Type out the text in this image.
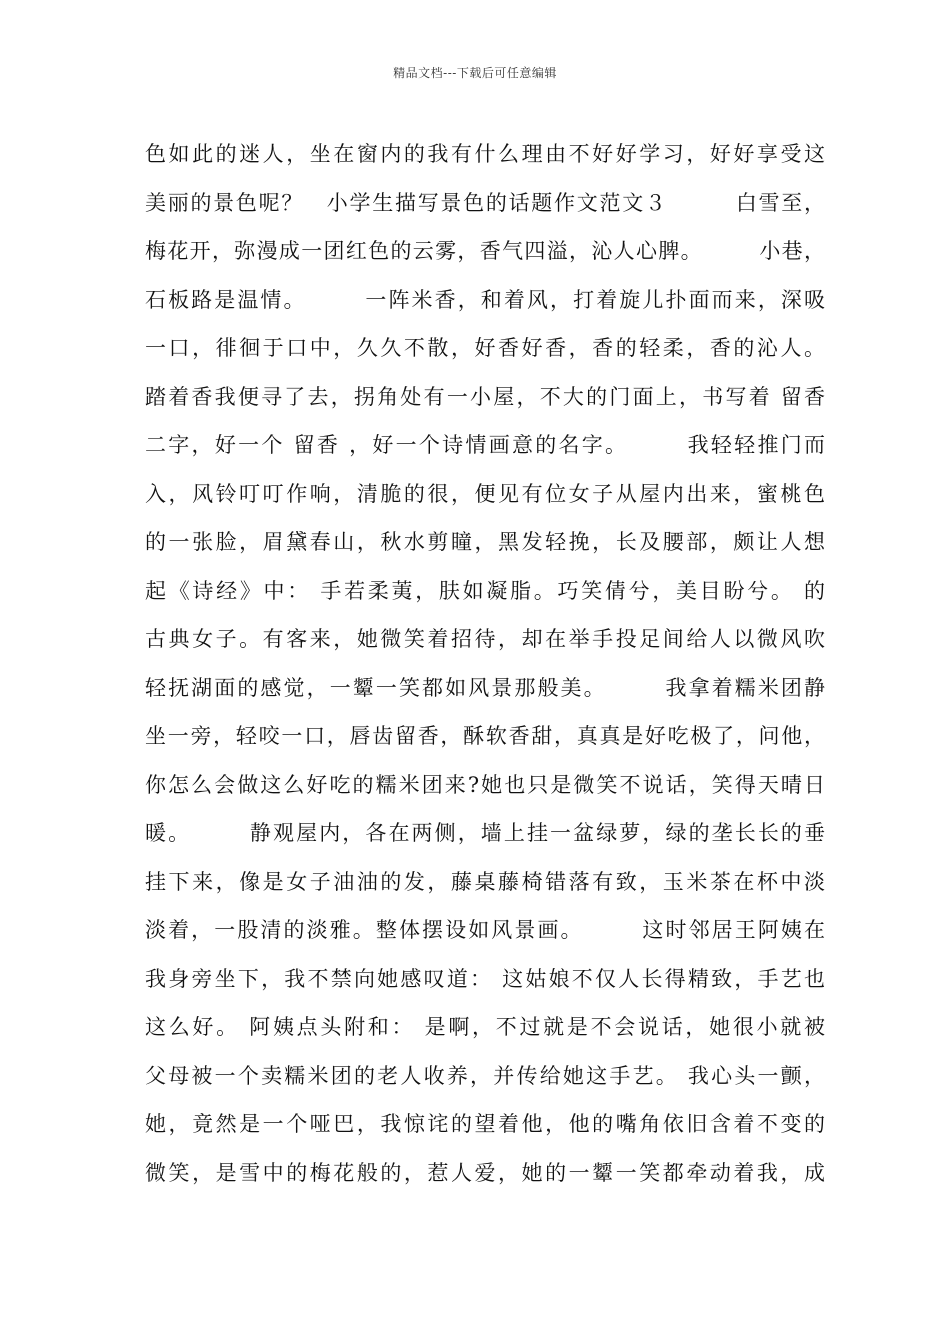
精品文档---下载后可任意编辑
色如此的迷人，坐在窗内的我有什么理由不好好学习，好好享受这
美丽的景色呢？　小学生描写景色的话题作文范文３　　　白雪至，
梅花开，弥漫成一团红色的云雾，香气四溢，沁人心脾。　　　小巷，
石板路是温情。　　　一阵米香，和着风，打着旋儿扑面而来，深吸
一口，徘徊于口中，久久不散，好香好香，香的轻柔，香的沁人。
踏着香我便寻了去，拐角处有一小屋，不大的门面上，书写着 留香
二字，好一个 留香 ，好一个诗情画意的名字。　　　我轻轻推门而
入，风铃叮叮作响，清脆的很，便见有位女子从屋内出来，蜜桃色
的一张脸，眉黛春山，秋水剪瞳，黑发轻挽，长及腰部，颇让人想
起《诗经》中： 手若柔荑，肤如凝脂。巧笑倩兮，美目盼兮。 的
古典女子。有客来，她微笑着招待，却在举手投足间给人以微风吹
轻抚湖面的感觉，一颦一笑都如风景那般美。　　　我拿着糯米团静
坐一旁，轻咬一口，唇齿留香，酥软香甜，真真是好吃极了，问他，
你怎么会做这么好吃的糯米团来?她也只是微笑不说话，笑得天晴日
暖。　　　静观屋内，各在两侧，墙上挂一盆绿萝，绿的垄长长的垂
挂下来，像是女子油油的发，藤桌藤椅错落有致，玉米茶在杯中淡
淡着，一股清的淡雅。整体摆设如风景画。　　　这时邻居王阿姨在
我身旁坐下，我不禁向她感叹道： 这姑娘不仅人长得精致，手艺也
这么好。 阿姨点头附和： 是啊，不过就是不会说话，她很小就被
父母被一个卖糯米团的老人收养，并传给她这手艺。 我心头一颤，
她，竟然是一个哑巴，我惊诧的望着他，他的嘴角依旧含着不变的
微笑，是雪中的梅花般的，惹人爱，她的一颦一笑都牵动着我，成
